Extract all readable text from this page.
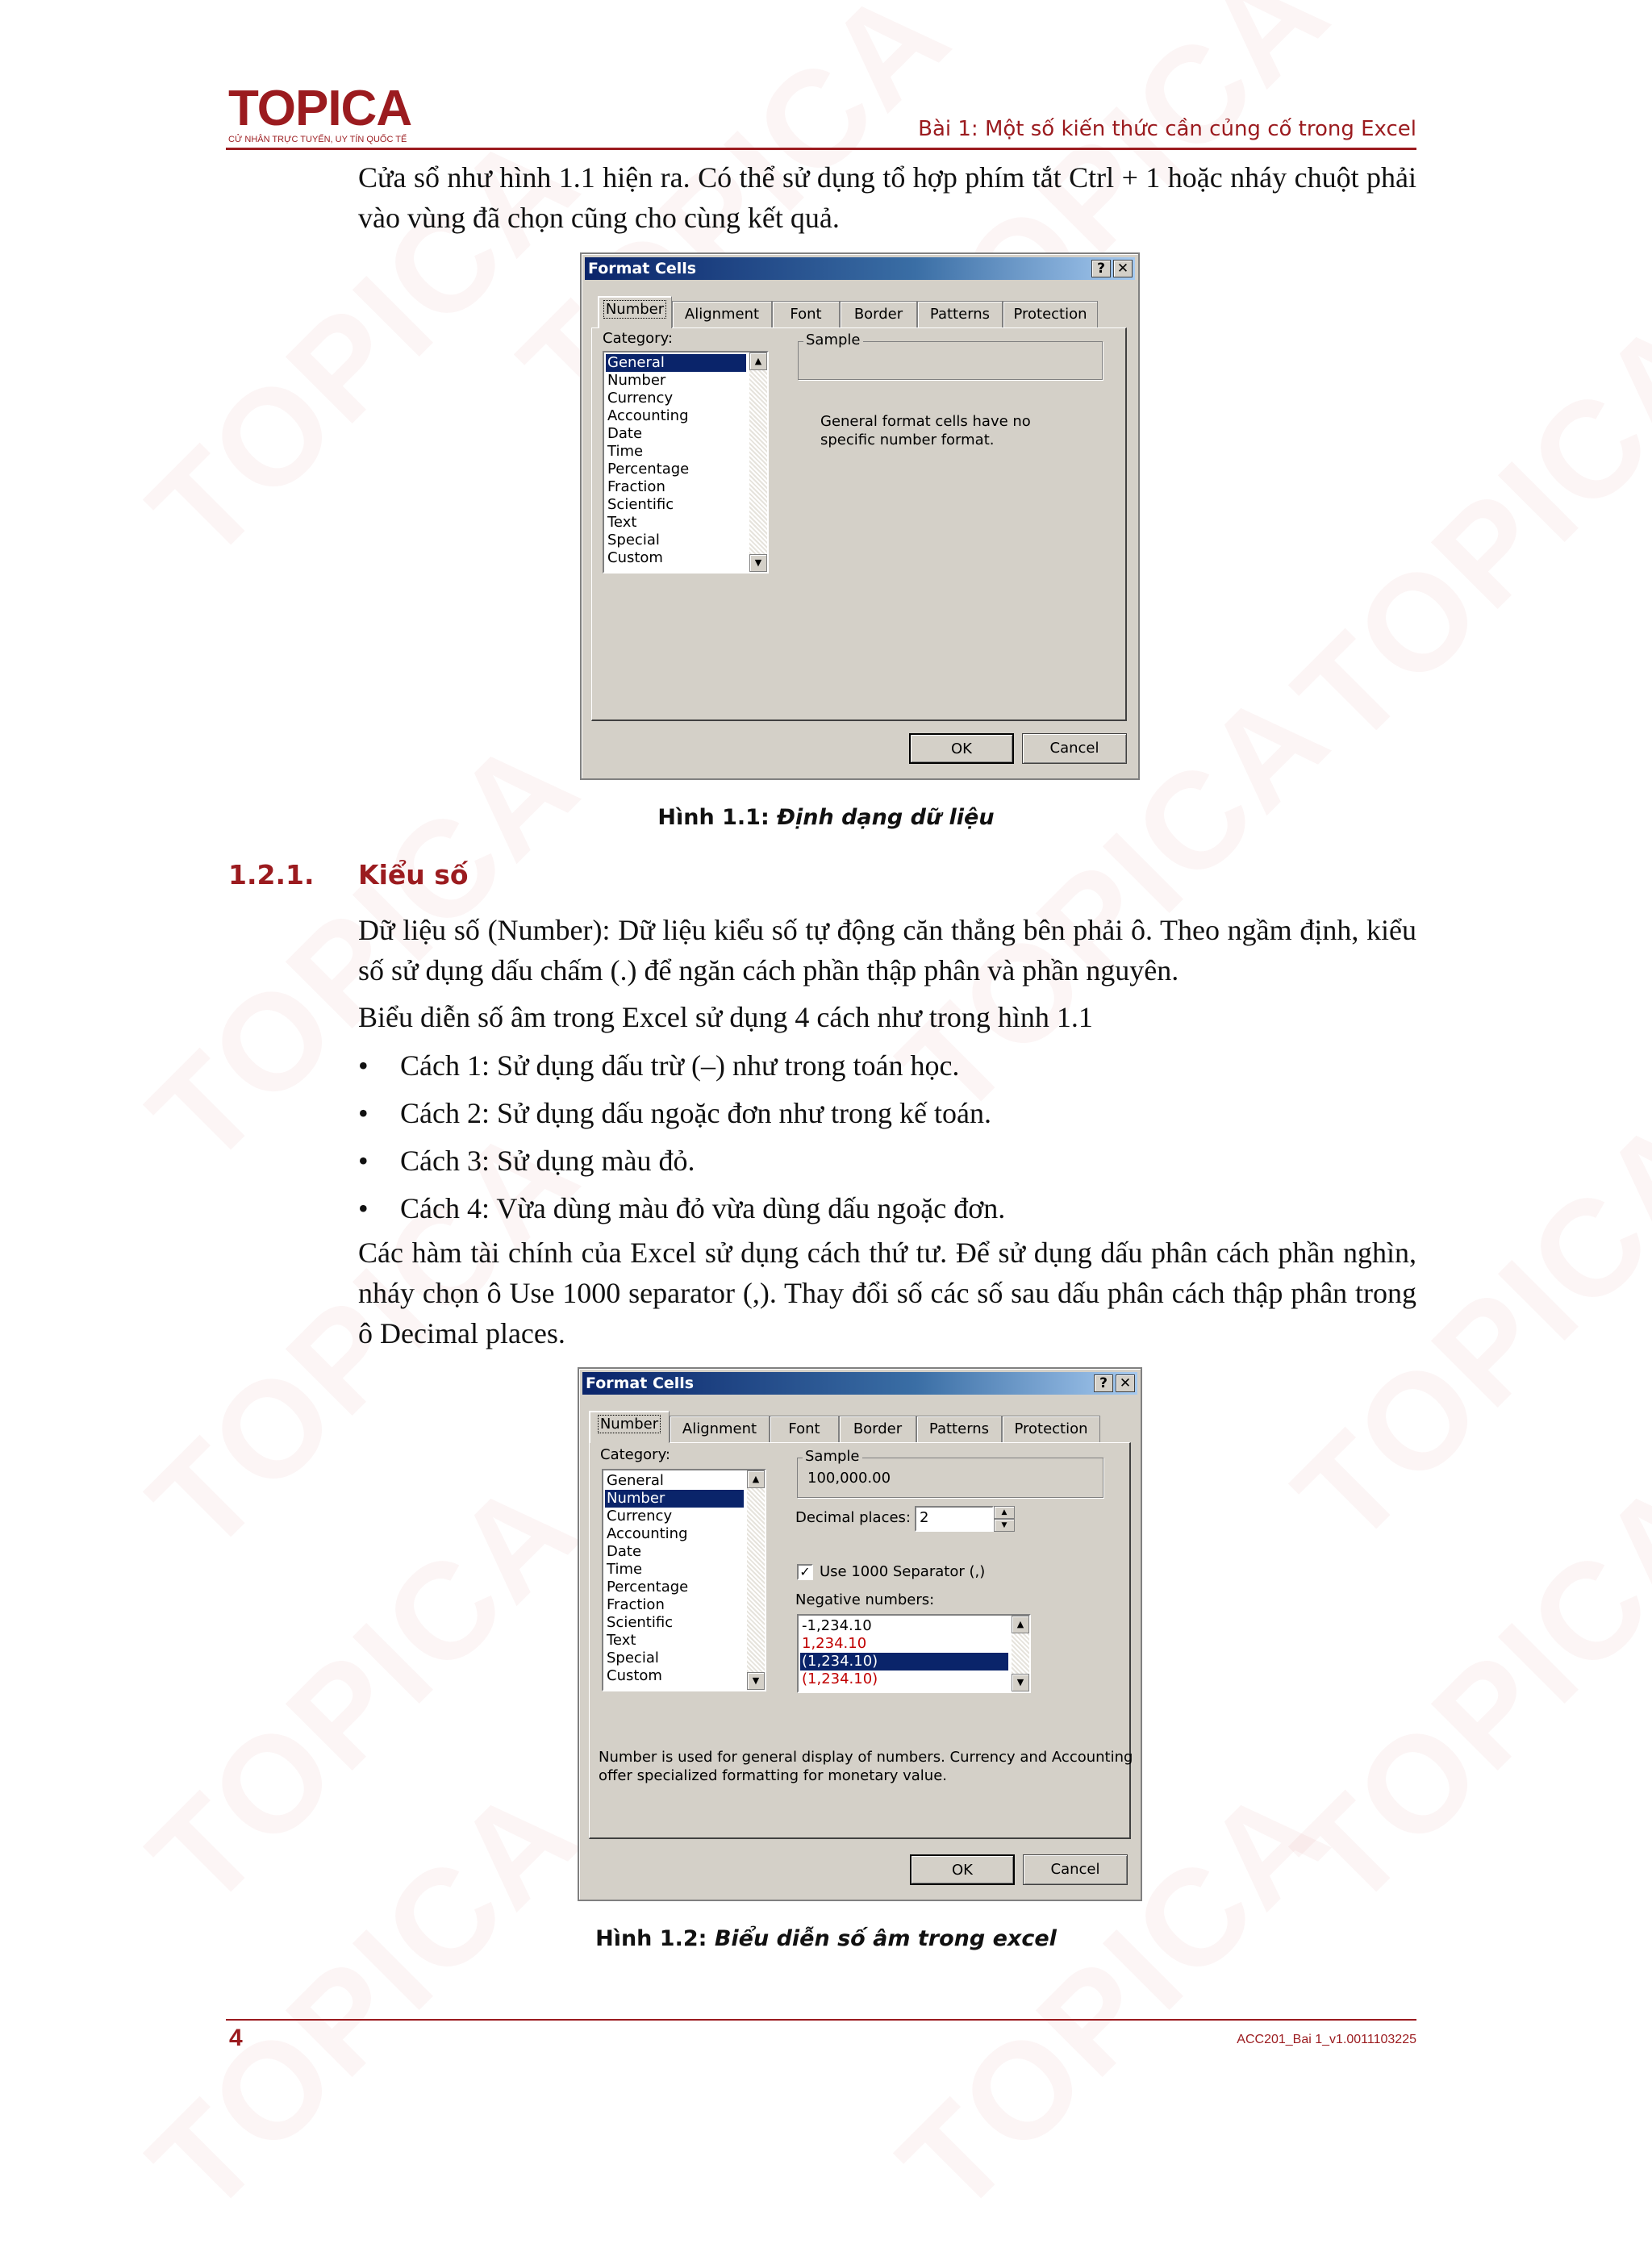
TOPICA
CỬ NHÂN TRỰC TUYẾN, UY TÍN QUỐC TẾ	Bài 1: Một số kiến thức cần củng cố trong Excel

Cửa sổ như hình 1.1 hiện ra. Có thể sử dụng tổ hợp phím tắt Ctrl + 1 hoặc nháy chuột phải vào vùng đã chọn cũng cho cùng kết quả.

Format Cells	? ✕
Number	Alignment	Font	Border	Patterns	Protection
Category:
General
Number
Currency
Accounting
Date
Time
Percentage
Fraction
Scientific
Text
Special
Custom
▲
▼
Sample
General format cells have no
specific number format.
OK	Cancel
Hình 1.1: Định dạng dữ liệu
1.2.1. Kiểu số

Dữ liệu số (Number): Dữ liệu kiểu số tự động căn thẳng bên phải ô. Theo ngầm định, kiểu số sử dụng dấu chấm (.) để ngăn cách phần thập phân và phần nguyên.

Biểu diễn số âm trong Excel sử dụng 4 cách như trong hình 1.1

• Cách 1: Sử dụng dấu trừ (–) như trong toán học.
• Cách 2: Sử dụng dấu ngoặc đơn như trong kế toán.
• Cách 3: Sử dụng màu đỏ.
• Cách 4: Vừa dùng màu đỏ vừa dùng dấu ngoặc đơn.

Các hàm tài chính của Excel sử dụng cách thứ tư. Để sử dụng dấu phân cách phần nghìn, nháy chọn ô Use 1000 separator (,). Thay đổi số các số sau dấu phân cách thập phân trong ô Decimal places.

Format Cells	? ✕
Number	Alignment	Font	Border	Patterns	Protection
Category:
General
Number
Currency
Accounting
Date
Time
Percentage
Fraction
Scientific
Text
Special
Custom
▲
▼
Sample
100,000.00
Decimal places: 2	▲
▼
✓ Use 1000 Separator (,)
Negative numbers:
-1,234.10
1,234.10
(1,234.10)
(1,234.10)
▲
▼
Number is used for general display of numbers. Currency and Accounting
offer specialized formatting for monetary value.
OK	Cancel
Hình 1.2: Biểu diễn số âm trong excel
4	ACC201_Bai 1_v1.0011103225
